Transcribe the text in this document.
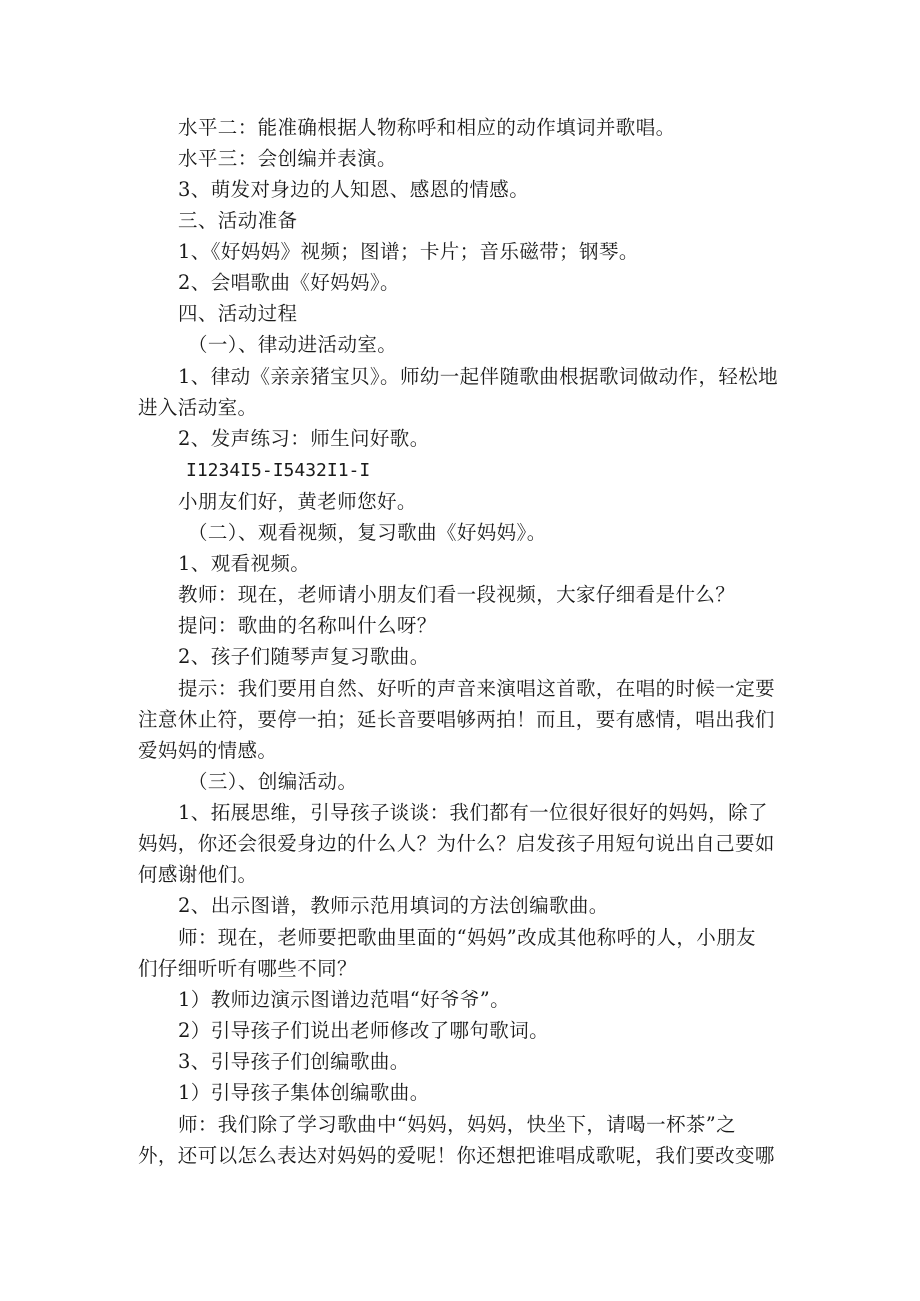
水平二：能准确根据人物称呼和相应的动作填词并歌唱。
水平三：会创编并表演。
3、萌发对身边的人知恩、感恩的情感。
三、活动准备
1、《好妈妈》视频；图谱；卡片；音乐磁带；钢琴。
2、会唱歌曲《好妈妈》。
四、活动过程
（一）、律动进活动室。
1、律动《亲亲猪宝贝》。师幼一起伴随歌曲根据歌词做动作，轻松地
进入活动室。
2、发声练习：师生问好歌。
I1234I5-I5432I1-I
小朋友们好，黄老师您好。
（二）、观看视频，复习歌曲《好妈妈》。
1、观看视频。
教师：现在，老师请小朋友们看一段视频，大家仔细看是什么？
提问：歌曲的名称叫什么呀？
2、孩子们随琴声复习歌曲。
提示：我们要用自然、好听的声音来演唱这首歌，在唱的时候一定要
注意休止符，要停一拍；延长音要唱够两拍！而且，要有感情，唱出我们
爱妈妈的情感。
（三）、创编活动。
1、拓展思维，引导孩子谈谈：我们都有一位很好很好的妈妈，除了
妈妈，你还会很爱身边的什么人？为什么？启发孩子用短句说出自己要如
何感谢他们。
2、出示图谱，教师示范用填词的方法创编歌曲。
师：现在，老师要把歌曲里面的“妈妈”改成其他称呼的人，小朋友
们仔细听听有哪些不同？
1）教师边演示图谱边范唱“好爷爷”。
2）引导孩子们说出老师修改了哪句歌词。
3、引导孩子们创编歌曲。
1）引导孩子集体创编歌曲。
师：我们除了学习歌曲中“妈妈，妈妈，快坐下，请喝一杯茶”之
外，还可以怎么表达对妈妈的爱呢！你还想把谁唱成歌呢，我们要改变哪
